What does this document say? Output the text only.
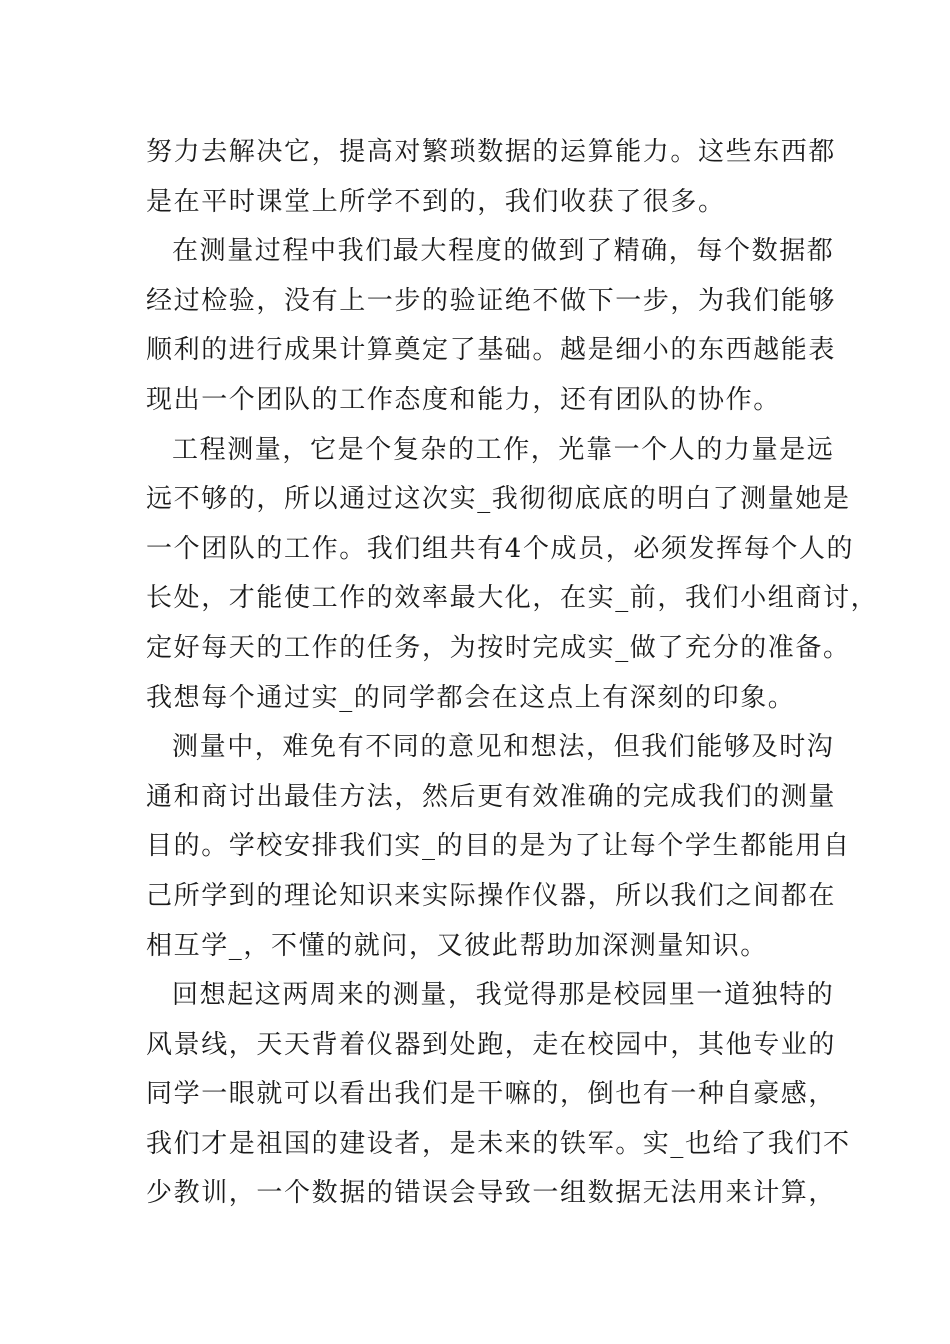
努力去解决它，提高对繁琐数据的运算能力。这些东西都
是在平时课堂上所学不到的，我们收获了很多。
在测量过程中我们最大程度的做到了精确，每个数据都
经过检验，没有上一步的验证绝不做下一步，为我们能够
顺利的进行成果计算奠定了基础。越是细小的东西越能表
现出一个团队的工作态度和能力，还有团队的协作。
工程测量，它是个复杂的工作，光靠一个人的力量是远
远不够的，所以通过这次实_我彻彻底底的明白了测量她是
一个团队的工作。我们组共有4个成员，必须发挥每个人的
长处，才能使工作的效率最大化，在实_前，我们小组商讨，
定好每天的工作的任务，为按时完成实_做了充分的准备。
我想每个通过实_的同学都会在这点上有深刻的印象。
测量中，难免有不同的意见和想法，但我们能够及时沟
通和商讨出最佳方法，然后更有效准确的完成我们的测量
目的。学校安排我们实_的目的是为了让每个学生都能用自
己所学到的理论知识来实际操作仪器，所以我们之间都在
相互学_，不懂的就问，又彼此帮助加深测量知识。
回想起这两周来的测量，我觉得那是校园里一道独特的
风景线，天天背着仪器到处跑，走在校园中，其他专业的
同学一眼就可以看出我们是干嘛的，倒也有一种自豪感，
我们才是祖国的建设者，是未来的铁军。实_也给了我们不
少教训，一个数据的错误会导致一组数据无法用来计算，
